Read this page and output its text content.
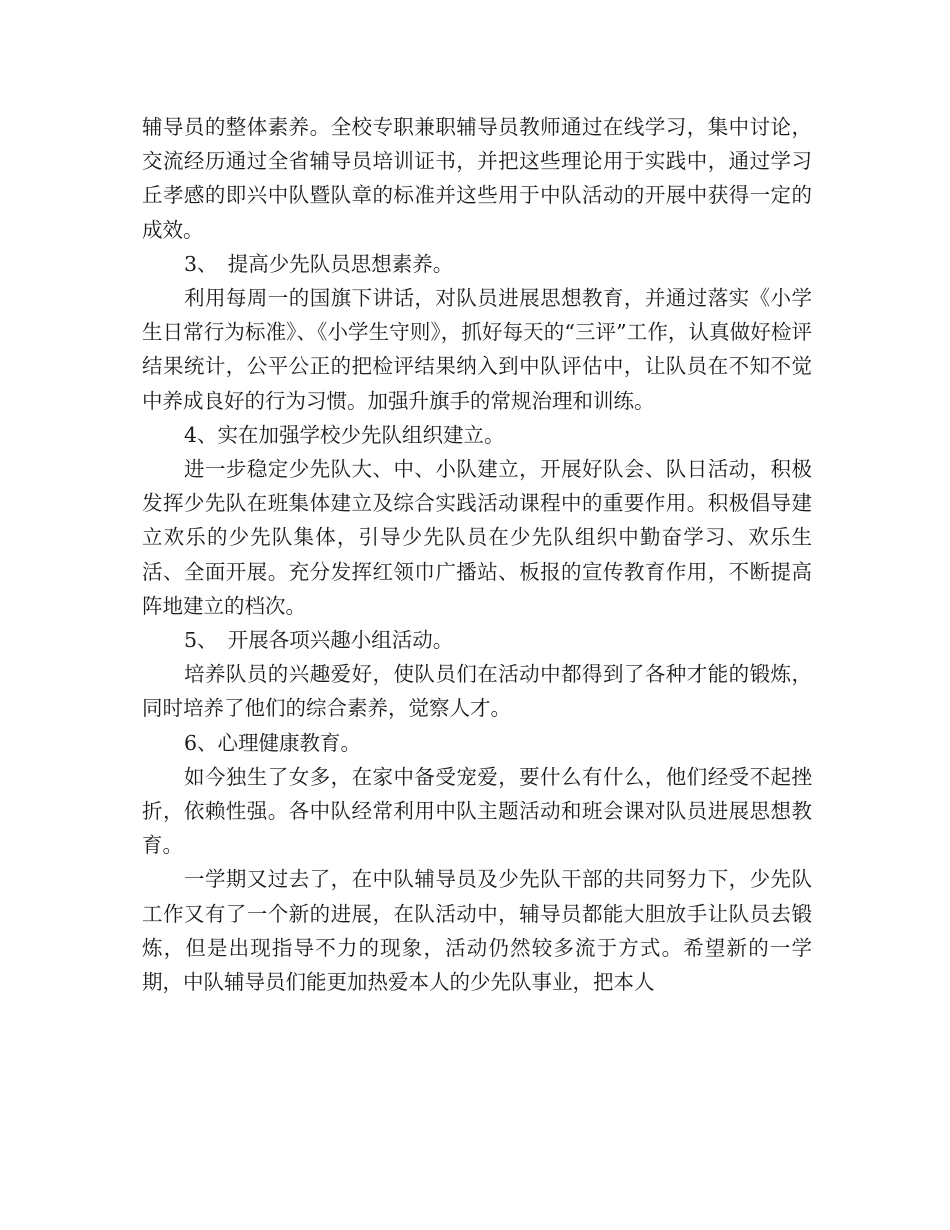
辅导员的整体素养。全校专职兼职辅导员教师通过在线学习，集中讨论，交流经历通过全省辅导员培训证书，并把这些理论用于实践中，通过学习丘孝感的即兴中队暨队章的标准并这些用于中队活动的开展中获得一定的成效。

3、　提高少先队员思想素养。

利用每周一的国旗下讲话，对队员进展思想教育，并通过落实《小学生日常行为标准》、《小学生守则》，抓好每天的“三评”工作，认真做好检评结果统计，公平公正的把检评结果纳入到中队评估中，让队员在不知不觉中养成良好的行为习惯。加强升旗手的常规治理和训练。

4、实在加强学校少先队组织建立。

进一步稳定少先队大、中、小队建立，开展好队会、队日活动，积极发挥少先队在班集体建立及综合实践活动课程中的重要作用。积极倡导建立欢乐的少先队集体，引导少先队员在少先队组织中勤奋学习、欢乐生活、全面开展。充分发挥红领巾广播站、板报的宣传教育作用，不断提高阵地建立的档次。

5、　开展各项兴趣小组活动。

培养队员的兴趣爱好，使队员们在活动中都得到了各种才能的锻炼，同时培养了他们的综合素养，觉察人才。

6、心理健康教育。

如今独生了女多，在家中备受宠爱，要什么有什么，他们经受不起挫折，依赖性强。各中队经常利用中队主题活动和班会课对队员进展思想教育。

一学期又过去了，在中队辅导员及少先队干部的共同努力下，少先队工作又有了一个新的进展，在队活动中，辅导员都能大胆放手让队员去锻炼，但是出现指导不力的现象，活动仍然较多流于方式。希望新的一学期，中队辅导员们能更加热爱本人的少先队事业，把本人
